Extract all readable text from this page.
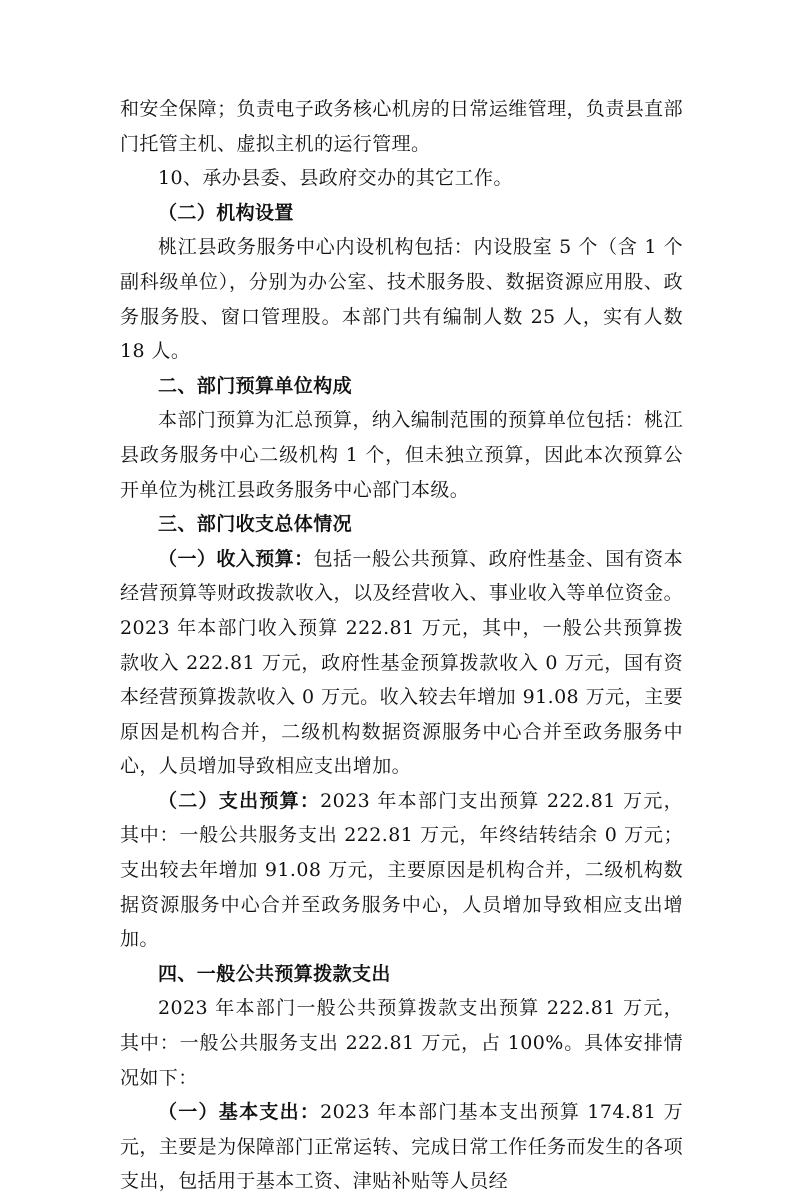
和安全保障；负责电子政务核心机房的日常运维管理，负责县直部门托管主机、虚拟主机的运行管理。

10、承办县委、县政府交办的其它工作。

（二）机构设置

桃江县政务服务中心内设机构包括：内设股室 5 个（含 1 个副科级单位），分别为办公室、技术服务股、数据资源应用股、政务服务股、窗口管理股。本部门共有编制人数 25 人，实有人数 18 人。

二、部门预算单位构成

本部门预算为汇总预算，纳入编制范围的预算单位包括：桃江县政务服务中心二级机构 1 个，但未独立预算，因此本次预算公开单位为桃江县政务服务中心部门本级。

三、部门收支总体情况

（一）收入预算：包括一般公共预算、政府性基金、国有资本经营预算等财政拨款收入，以及经营收入、事业收入等单位资金。2023 年本部门收入预算 222.81 万元，其中，一般公共预算拨款收入 222.81 万元，政府性基金预算拨款收入 0 万元，国有资本经营预算拨款收入 0 万元。收入较去年增加 91.08 万元，主要原因是机构合并，二级机构数据资源服务中心合并至政务服务中心，人员增加导致相应支出增加。

（二）支出预算：2023 年本部门支出预算 222.81 万元，其中：一般公共服务支出 222.81 万元，年终结转结余 0 万元；支出较去年增加 91.08 万元，主要原因是机构合并，二级机构数据资源服务中心合并至政务服务中心，人员增加导致相应支出增加。

四、一般公共预算拨款支出

2023 年本部门一般公共预算拨款支出预算 222.81 万元，其中：一般公共服务支出 222.81 万元，占 100%。具体安排情况如下：

（一）基本支出：2023 年本部门基本支出预算 174.81 万元，主要是为保障部门正常运转、完成日常工作任务而发生的各项支出，包括用于基本工资、津贴补贴等人员经
